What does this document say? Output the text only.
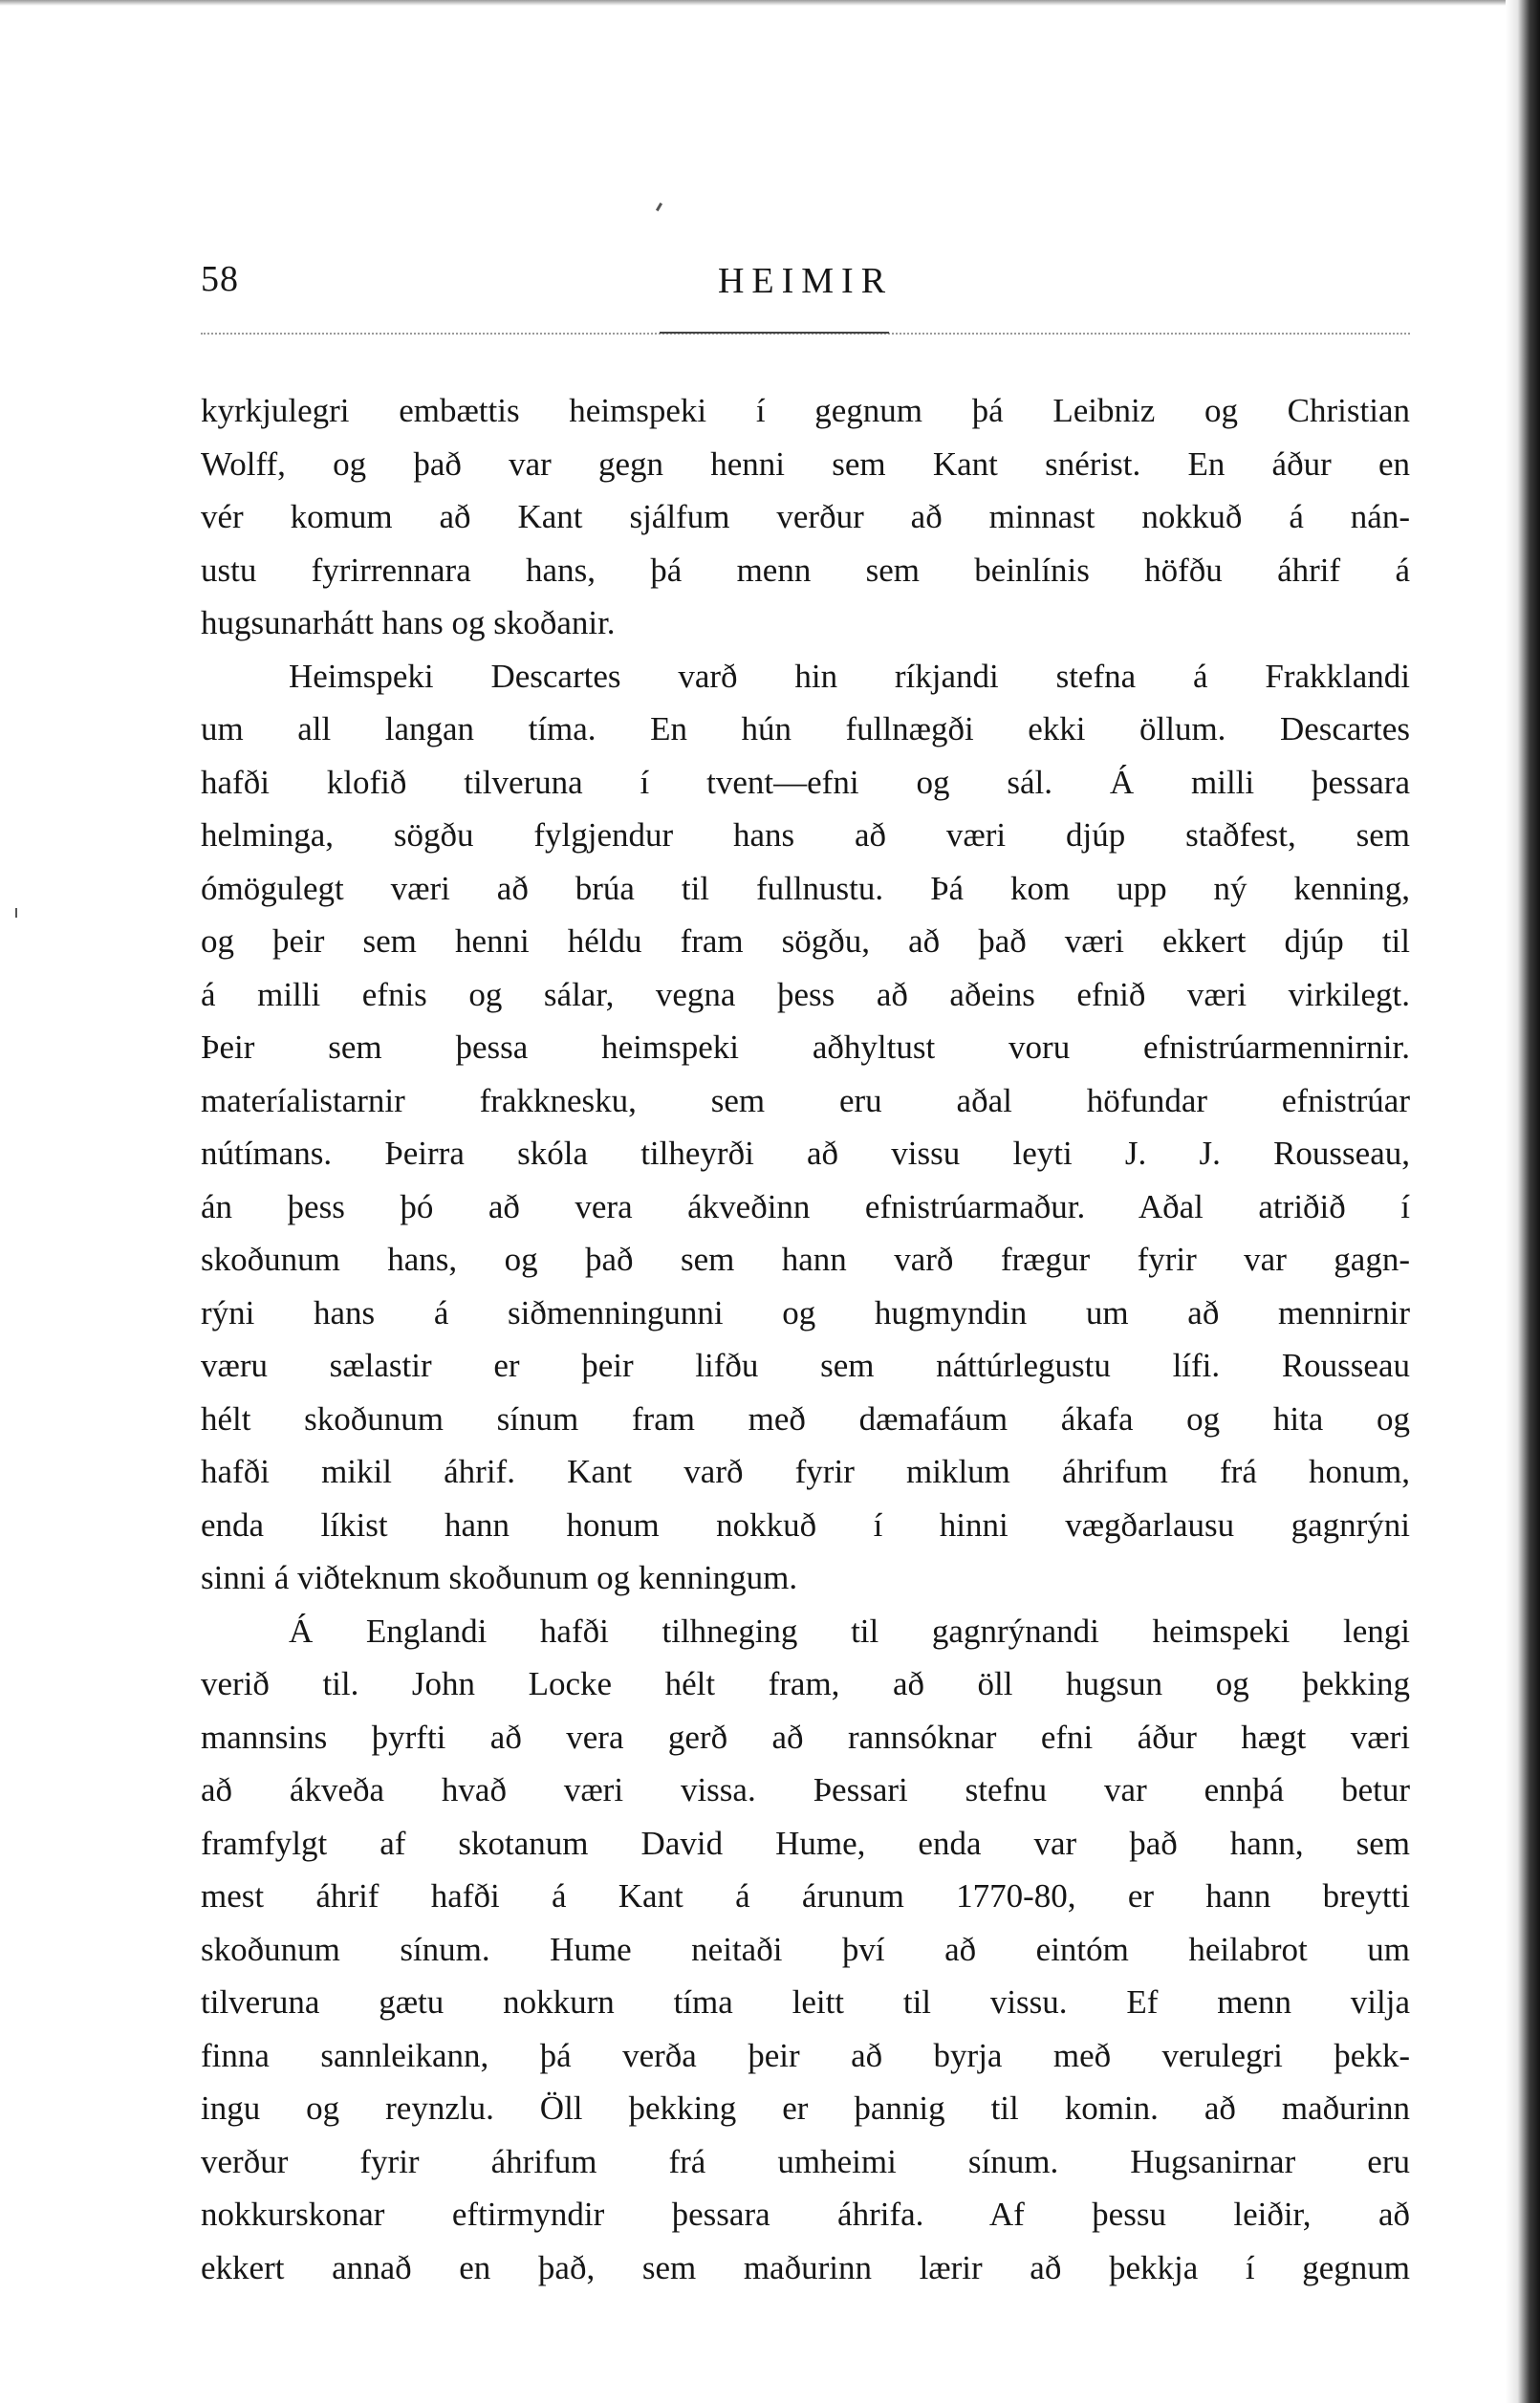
58	HEIMIR
kyrkjulegri embættis heimspeki í gegnum þá Leibniz og Christian
Wolff, og það var gegn henni sem Kant snérist. En áður en
vér komum að Kant sjálfum verður að minnast nokkuð á nán-
ustu fyrirrennara hans, þá menn sem beinlínis höfðu áhrif á
hugsunarhátt hans og skoðanir.
Heimspeki Descartes varð hin ríkjandi stefna á Frakklandi
um all langan tíma. En hún fullnægði ekki öllum. Descartes
hafði klofið tilveruna í tvent—efni og sál. Á milli þessara
helminga, sögðu fylgjendur hans að væri djúp staðfest, sem
ómögulegt væri að brúa til fullnustu. Þá kom upp ný kenning,
og þeir sem henni héldu fram sögðu, að það væri ekkert djúp til
á milli efnis og sálar, vegna þess að aðeins efnið væri virkilegt.
Þeir sem þessa heimspeki aðhyltust voru efnistrúarmennirnir.
materíalistarnir frakknesku, sem eru aðal höfundar efnistrúar
nútímans. Þeirra skóla tilheyrði að vissu leyti J. J. Rousseau,
án þess þó að vera ákveðinn efnistrúarmaður. Aðal atriðið í
skoðunum hans, og það sem hann varð frægur fyrir var gagn-
rýni hans á siðmenningunni og hugmyndin um að mennirnir
væru sælastir er þeir lifðu sem náttúrlegustu lífi. Rousseau
hélt skoðunum sínum fram með dæmafáum ákafa og hita og
hafði mikil áhrif. Kant varð fyrir miklum áhrifum frá honum,
enda líkist hann honum nokkuð í hinni vægðarlausu gagnrýni
sinni á viðteknum skoðunum og kenningum.
Á Englandi hafði tilhneging til gagnrýnandi heimspeki lengi
verið til. John Locke hélt fram, að öll hugsun og þekking
mannsins þyrfti að vera gerð að rannsóknar efni áður hægt væri
að ákveða hvað væri vissa. Þessari stefnu var ennþá betur
framfylgt af skotanum David Hume, enda var það hann, sem
mest áhrif hafði á Kant á árunum 1770-80, er hann breytti
skoðunum sínum. Hume neitaði því að eintóm heilabrot um
tilveruna gætu nokkurn tíma leitt til vissu. Ef menn vilja
finna sannleikann, þá verða þeir að byrja með verulegri þekk-
ingu og reynzlu. Öll þekking er þannig til komin. að maðurinn
verður fyrir áhrifum frá umheimi sínum. Hugsanirnar eru
nokkurskonar eftirmyndir þessara áhrifa. Af þessu leiðir, að
ekkert annað en það, sem maðurinn lærir að þekkja í gegnum
